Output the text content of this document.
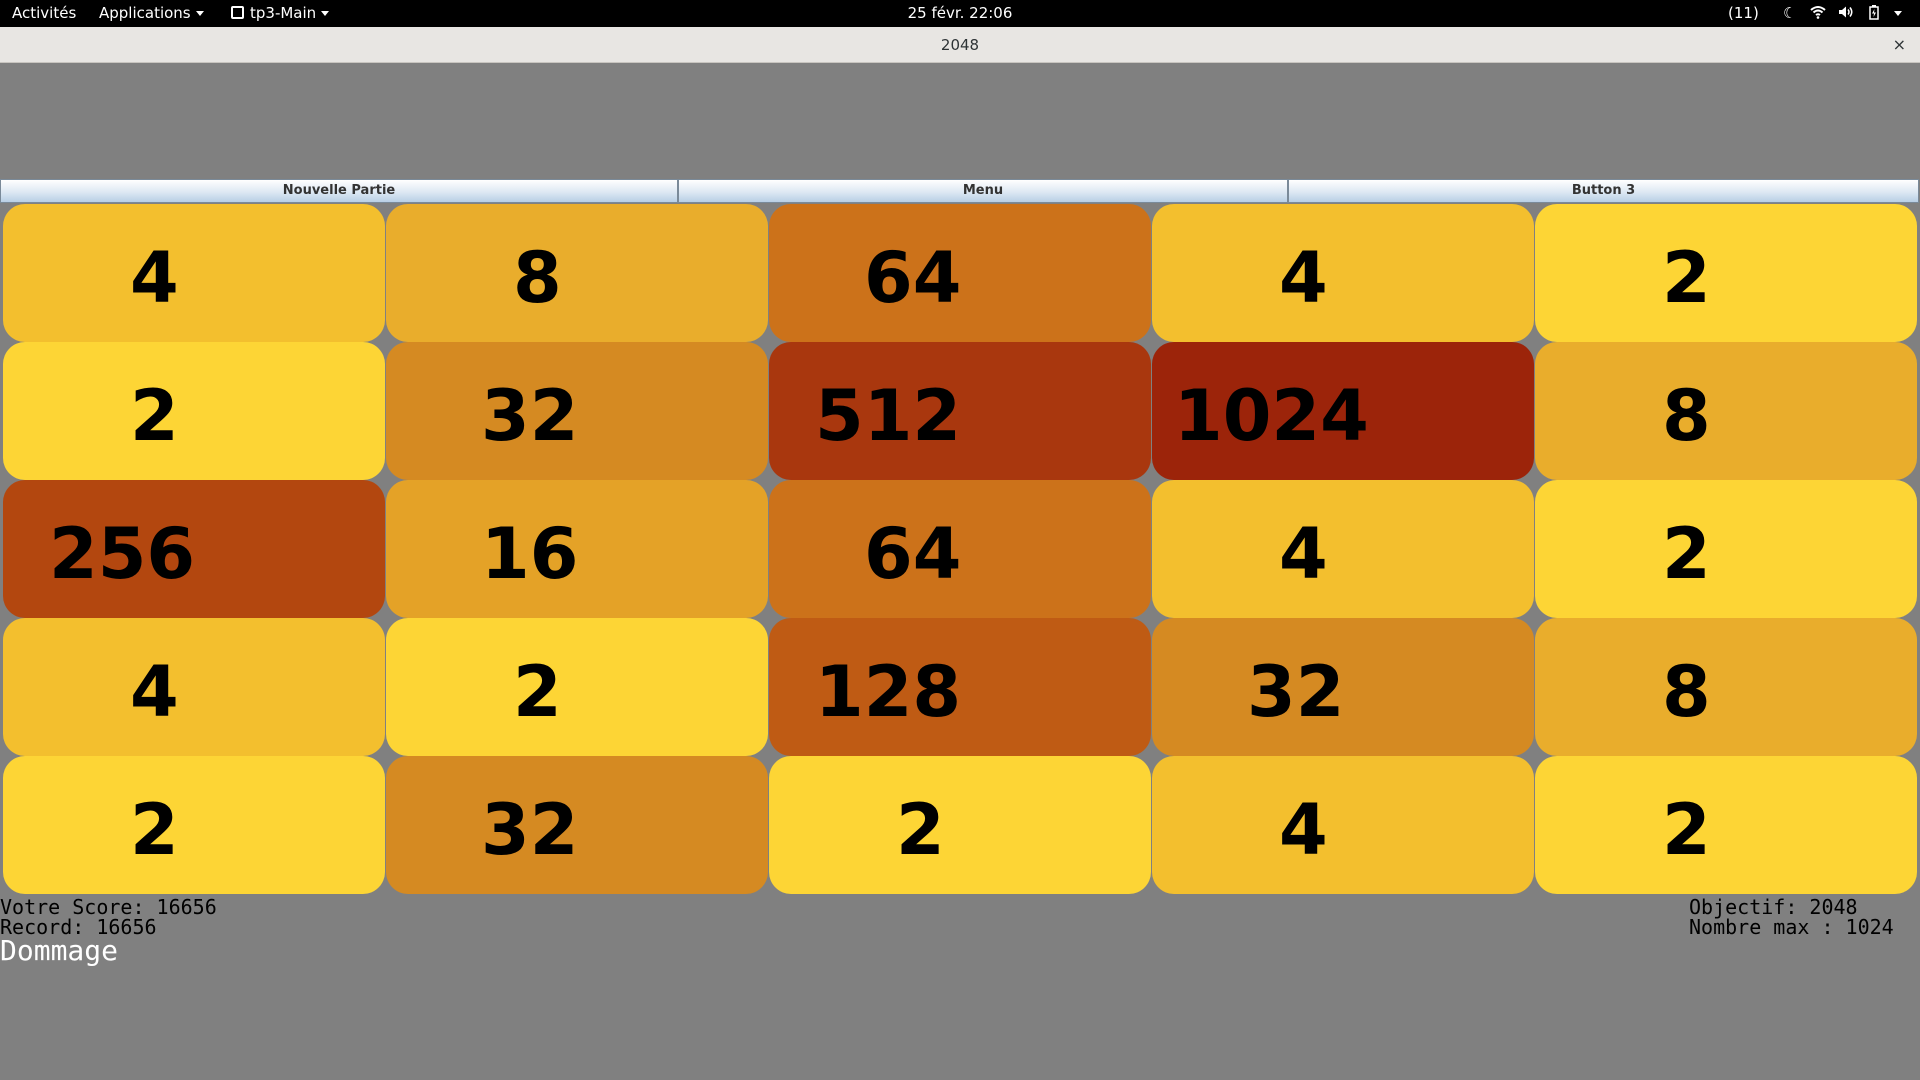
Activités Applications	tp3-Main	25 févr. 22:06	(11) ☾
2048	×
Nouvelle Partie	Menu	Button 3
4	8	64	4	2
2	32	512	1024	8
256	16	64	4	2
4	2	128	32	8
2	32	2	4	2
Votre Score: 16656
Record: 16656
Objectif: 2048
Nombre max : 1024
Dommage
